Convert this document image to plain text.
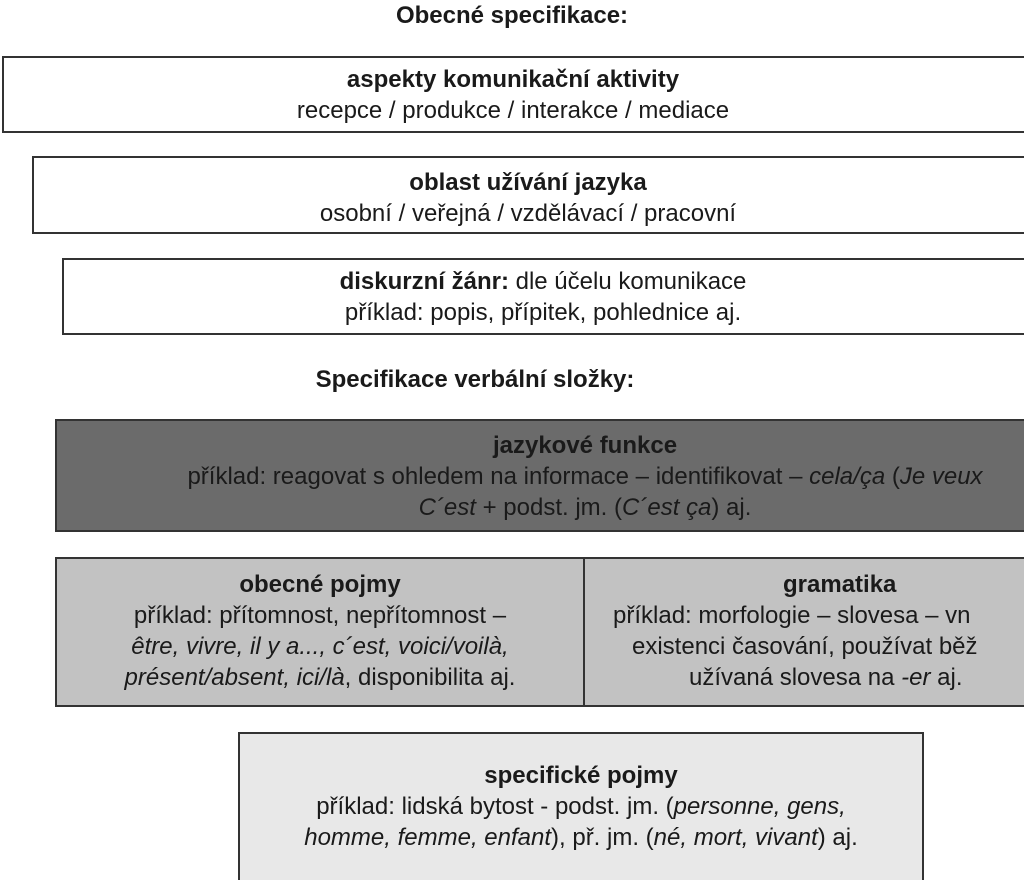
Obecné specifikace:
aspekty komunikační aktivity
recepce / produkce / interakce / mediace
oblast užívání jazyka
osobní / veřejná / vzdělávací / pracovní
diskurzní žánr: dle účelu komunikace
příklad: popis, přípitek, pohlednice aj.
Specifikace verbální složky:
jazykové funkce
příklad: reagovat s ohledem na informace – identifikovat – cela/ça (Je veux
C´est + podst. jm. (C´est ça) aj.
obecné pojmy
příklad: přítomnost, nepřítomnost –
être, vivre, il y a..., c´est, voici/voilà,
présent/absent, ici/là, disponibilita aj.
gramatika
příklad: morfologie – slovesa – vn
existenci časování, používat běž
užívaná slovesa na -er aj.
specifické pojmy
příklad: lidská bytost - podst. jm. (personne, gens,
homme, femme, enfant), př. jm. (né, mort, vivant) aj.
